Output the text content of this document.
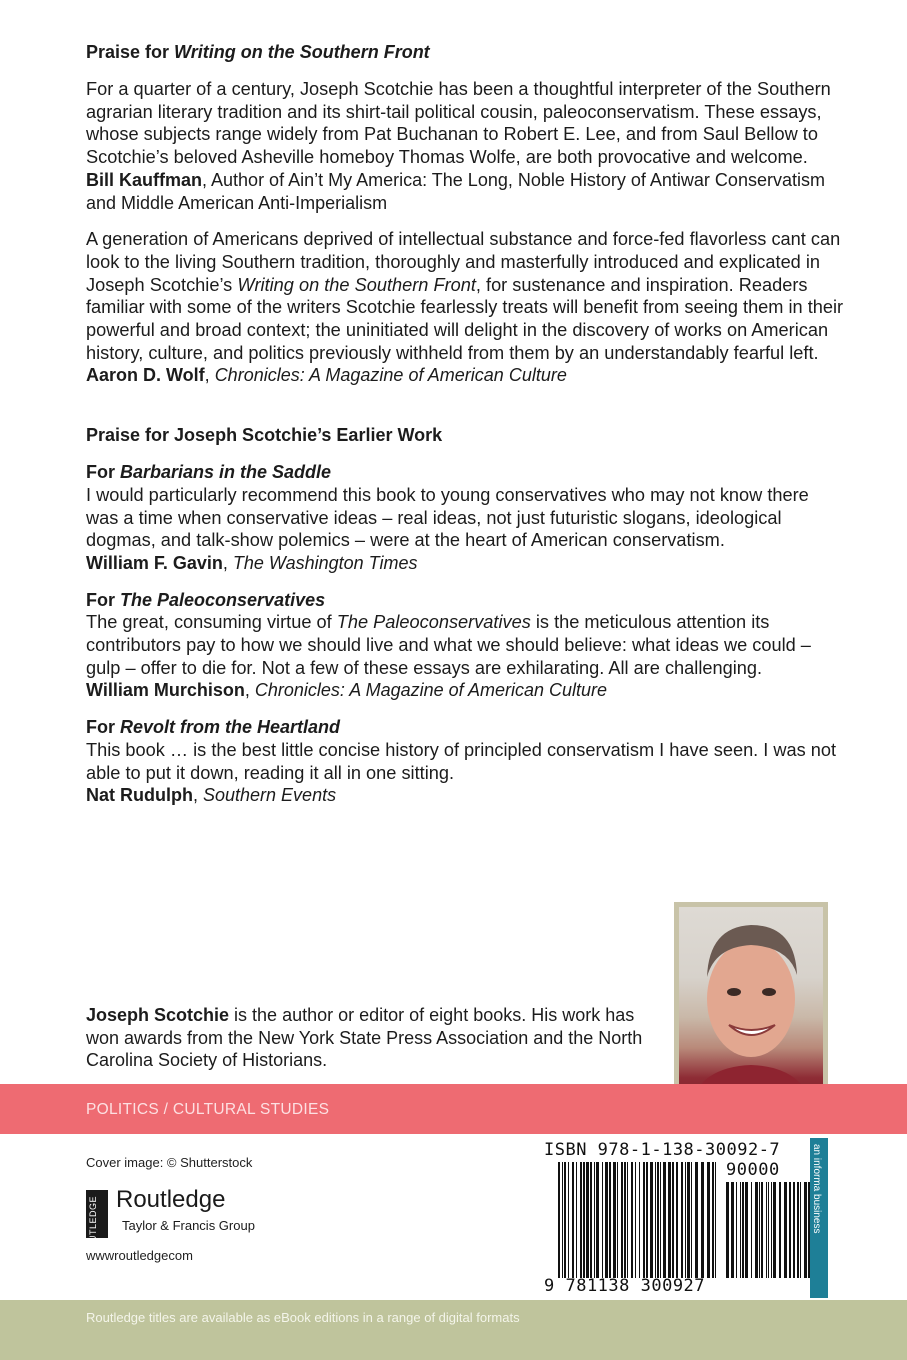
Praise for Writing on the Southern Front

For a quarter of a century, Joseph Scotchie has been a thoughtful interpreter of the Southern agrarian literary tradition and its shirt-tail political cousin, paleoconservatism. These essays, whose subjects range widely from Pat Buchanan to Robert E. Lee, and from Saul Bellow to Scotchie’s beloved Asheville homeboy Thomas Wolfe, are both provocative and welcome.

Bill Kauffman, Author of Ain’t My America: The Long, Noble History of Antiwar Conservatism and Middle American Anti-Imperialism

A generation of Americans deprived of intellectual substance and force-fed flavorless cant can look to the living Southern tradition, thoroughly and masterfully introduced and explicated in Joseph Scotchie’s Writing on the Southern Front, for sustenance and inspiration. Readers familiar with some of the writers Scotchie fearlessly treats will benefit from seeing them in their powerful and broad context; the uninitiated will delight in the discovery of works on American history, culture, and politics previously withheld from them by an understandably fearful left.

Aaron D. Wolf, Chronicles: A Magazine of American Culture

Praise for Joseph Scotchie’s Earlier Work
For Barbarians in the Saddle

I would particularly recommend this book to young conservatives who may not know there was a time when conservative ideas – real ideas, not just futuristic slogans, ideological dogmas, and talk-show polemics – were at the heart of American conservatism.

William F. Gavin, The Washington Times

For The Paleoconservatives

The great, consuming virtue of The Paleoconservatives is the meticulous attention its contributors pay to how we should live and what we should believe: what ideas we could – gulp – offer to die for. Not a few of these essays are exhilarating. All are challenging.

William Murchison, Chronicles: A Magazine of American Culture

For Revolt from the Heartland

This book … is the best little concise history of principled conservatism I have seen. I was not able to put it down, reading it all in one sitting.

Nat Rudulph, Southern Events

Joseph Scotchie is the author or editor of eight books. His work has won awards from the New York State Press Association and the North Carolina Society of Historians.
POLITICS / CULTURAL STUDIES
Cover image: © Shutterstock
ROUTLEDGE Routledge
Taylor & Francis Group
wwwroutledgecom
ISBN 978-1-138-30092-7
90000
9 781138 300927
an informa business
Routledge titles are available as eBook editions in a range of digital formats
